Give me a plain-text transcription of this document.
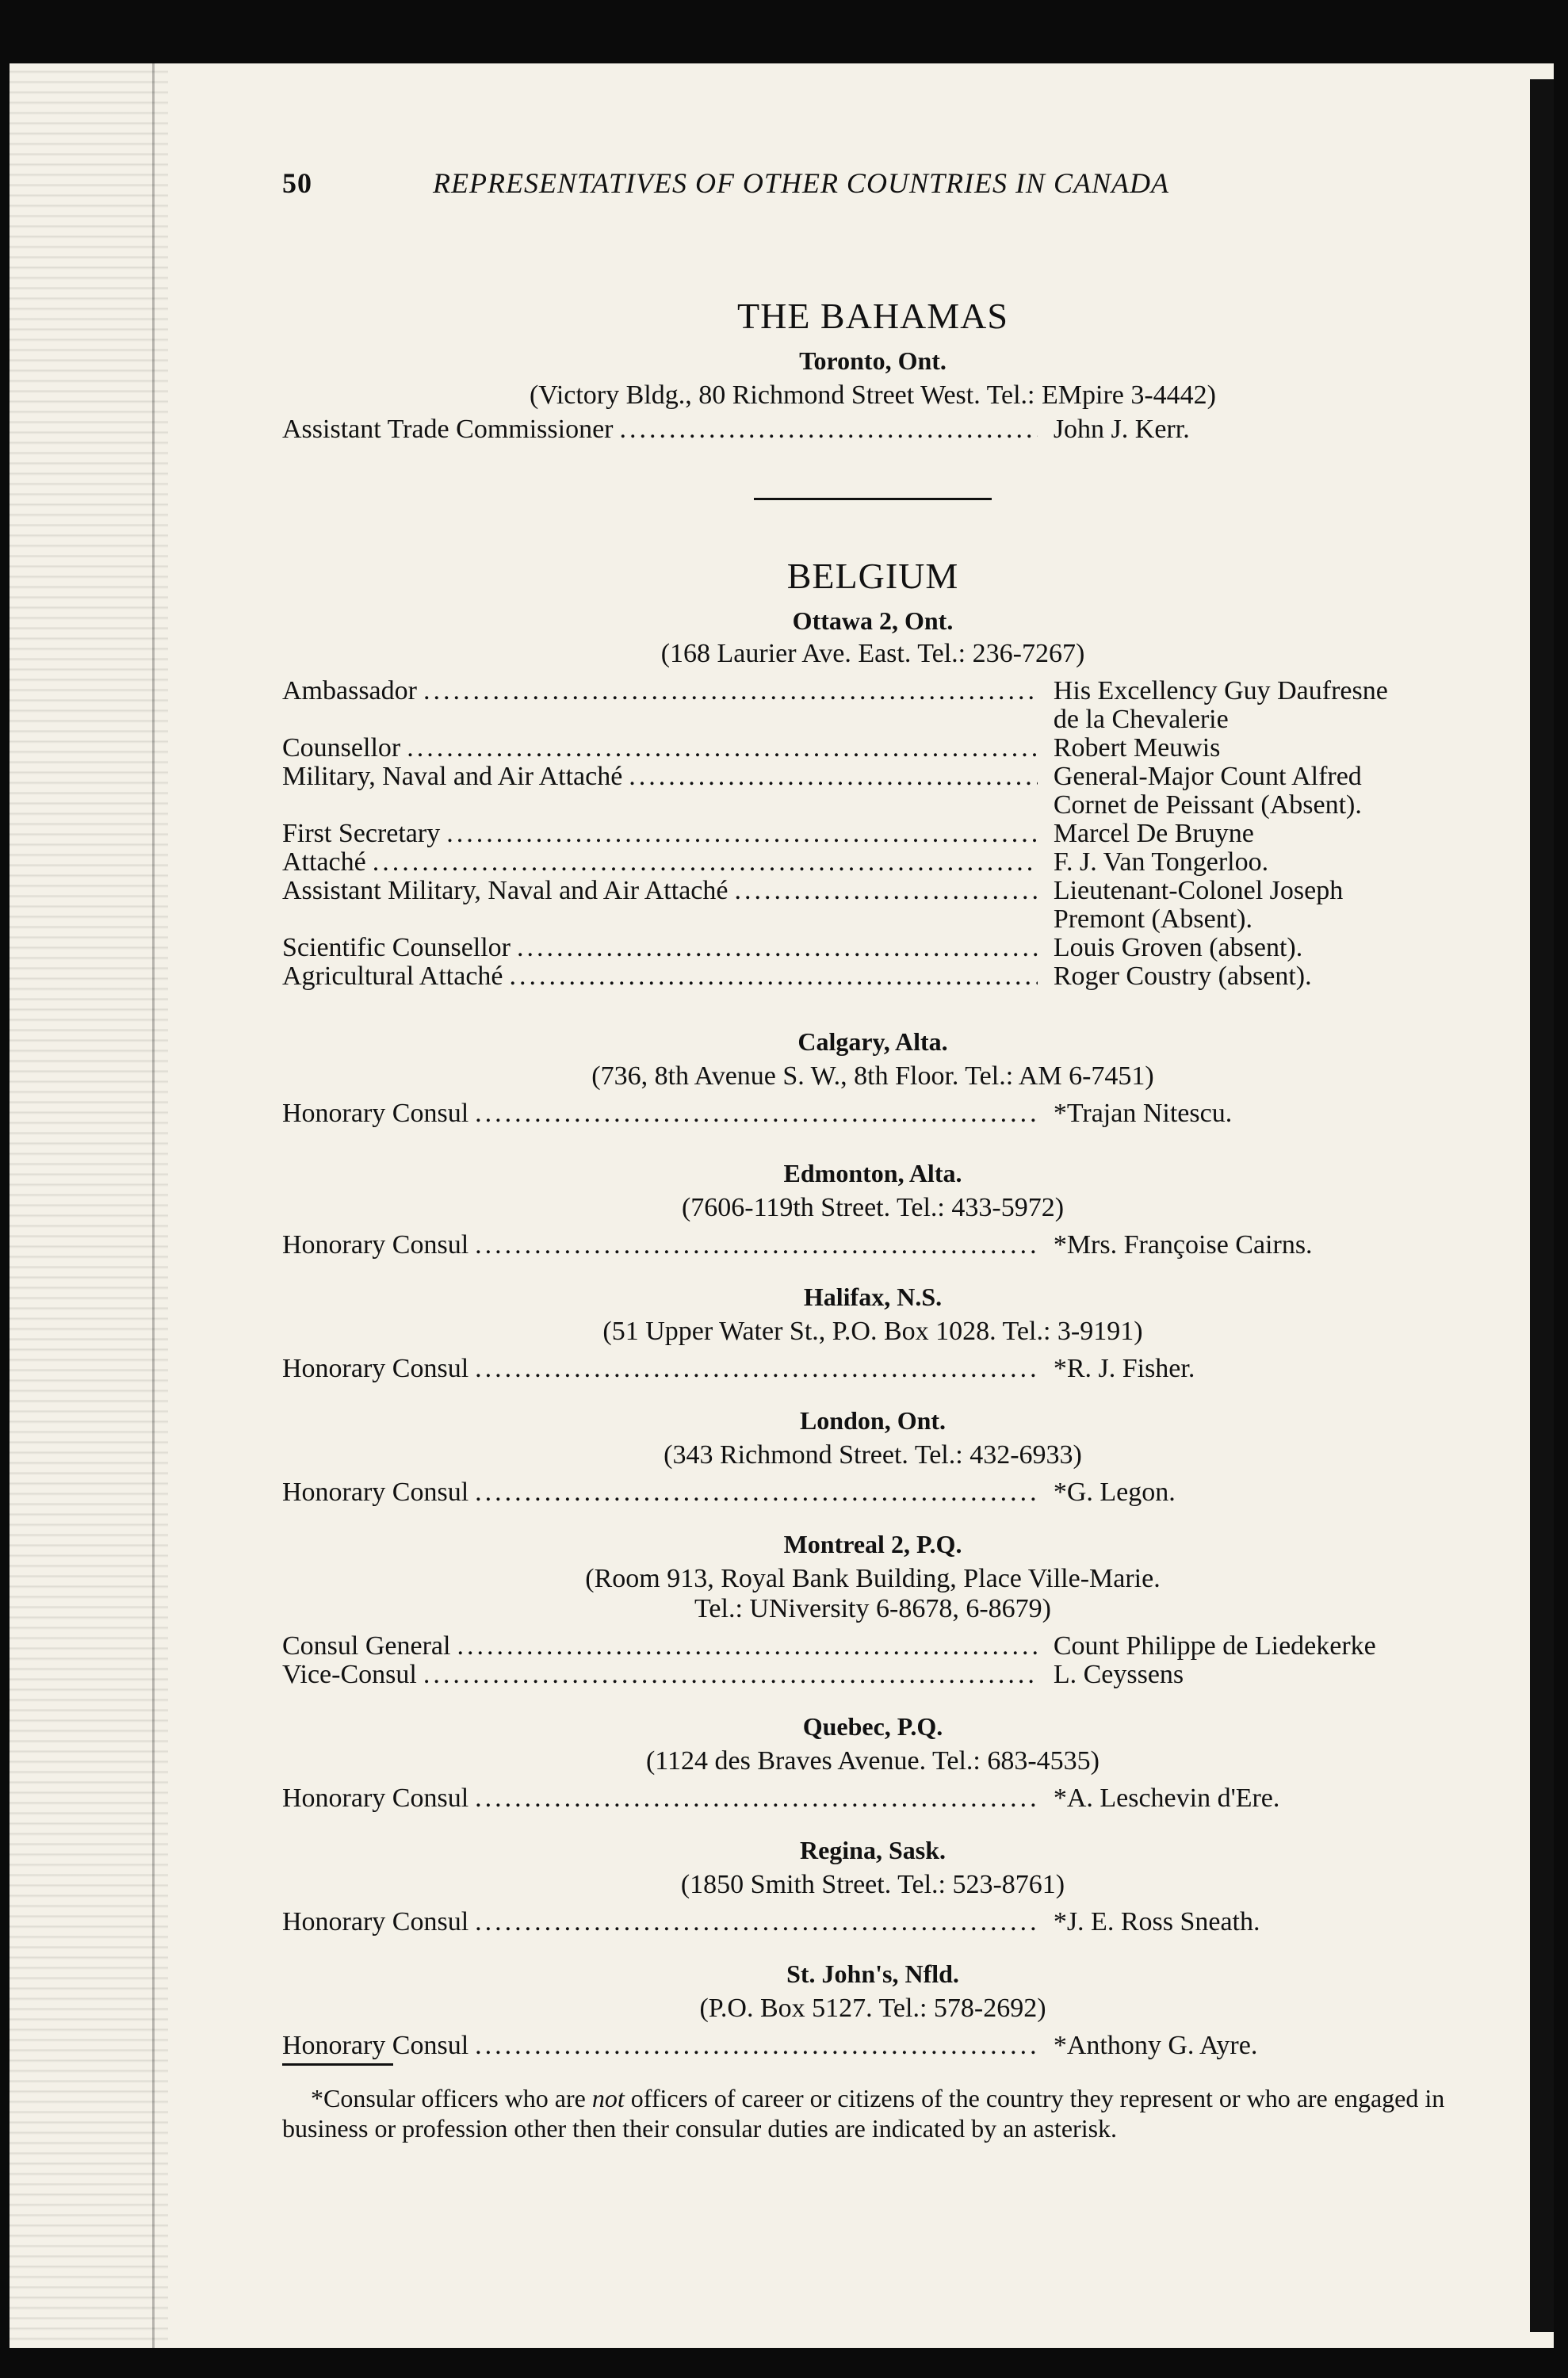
50	REPRESENTATIVES OF OTHER COUNTRIES IN CANADA
THE BAHAMAS

Toronto, Ont.

(Victory Bldg., 80 Richmond Street West. Tel.: EMpire 3-4442)

Assistant Trade Commissioner .....	John J. Kerr.
BELGIUM

Ottawa 2, Ont.

(168 Laurier Ave. East. Tel.: 236-7267)

Ambassador .....	His Excellency Guy Daufresne
de la Chevalerie
Counsellor .....	Robert Meuwis
Military, Naval and Air Attaché .....	General-Major Count Alfred
Cornet de Peissant (Absent).
First Secretary .....	Marcel De Bruyne
Attaché .....	F. J. Van Tongerloo.
Assistant Military, Naval and Air Attaché .....	Lieutenant-Colonel Joseph
Premont (Absent).
Scientific Counsellor .....	Louis Groven (absent).
Agricultural Attaché .....	Roger Coustry (absent).

Calgary, Alta.

(736, 8th Avenue S. W., 8th Floor. Tel.: AM 6-7451)

Honorary Consul .....	*Trajan Nitescu.

Edmonton, Alta.

(7606-119th Street. Tel.: 433-5972)

Honorary Consul .....	*Mrs. Françoise Cairns.

Halifax, N.S.

(51 Upper Water St., P.O. Box 1028. Tel.: 3-9191)

Honorary Consul .....	*R. J. Fisher.

London, Ont.

(343 Richmond Street. Tel.: 432-6933)

Honorary Consul .....	*G. Legon.

Montreal 2, P.Q.

(Room 913, Royal Bank Building, Place Ville-Marie.

Tel.: UNiversity 6-8678, 6-8679)

Consul General .....	Count Philippe de Liedekerke
Vice-Consul .....	L. Ceyssens

Quebec, P.Q.

(1124 des Braves Avenue. Tel.: 683-4535)

Honorary Consul .....	*A. Leschevin d'Ere.

Regina, Sask.

(1850 Smith Street. Tel.: 523-8761)

Honorary Consul .....	*J. E. Ross Sneath.

St. John's, Nfld.

(P.O. Box 5127. Tel.: 578-2692)

Honorary Consul .....	*Anthony G. Ayre.
*Consular officers who are not officers of career or citizens of the country they represent or who are engaged in business or profession other then their consular duties are indicated by an asterisk.
